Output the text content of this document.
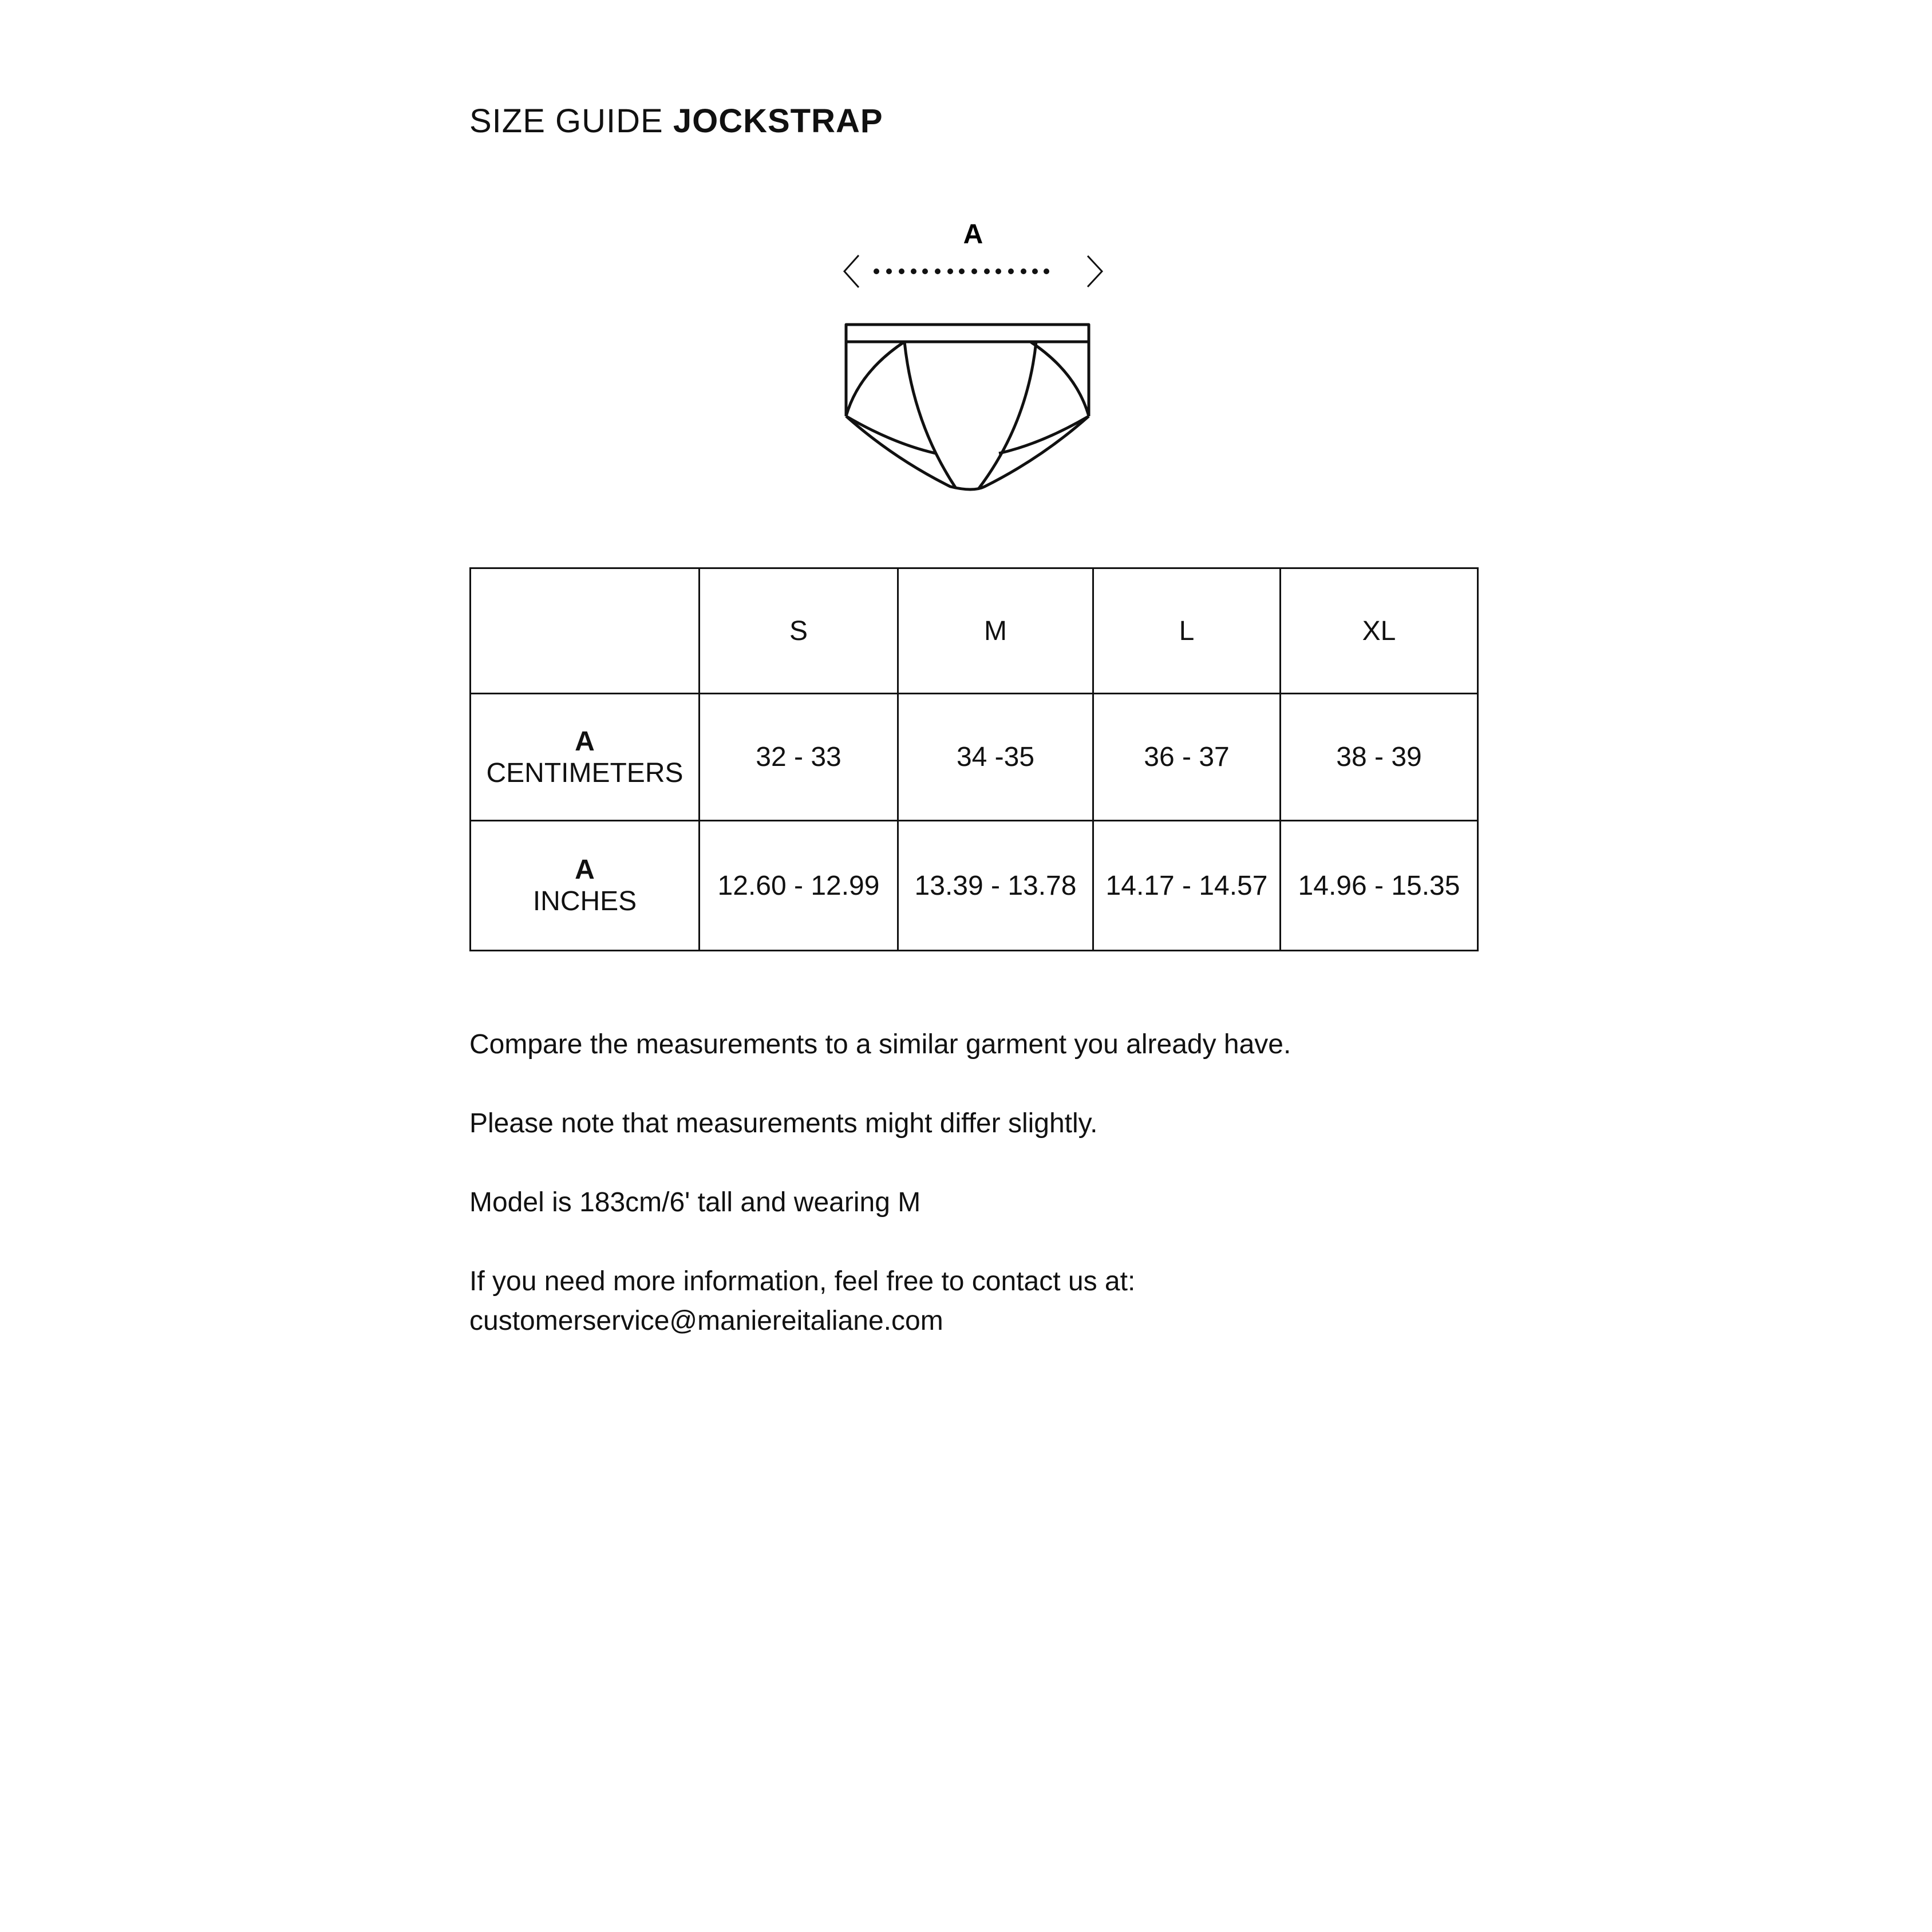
SIZE GUIDE JOCKSTRAP
A
	S	M	L	XL

A
CENTIMETERS	32 - 33	34 -35	36 - 37	38 - 39

A
INCHES	12.60 - 12.99	13.39 - 13.78	14.17 - 14.57	14.96 - 15.35

Compare the measurements to a similar garment you already have.

Please note that measurements might differ slightly.

Model is 183cm/6' tall and wearing M

If you need more information, feel free to contact us at:

customerservice@maniereitaliane.com
